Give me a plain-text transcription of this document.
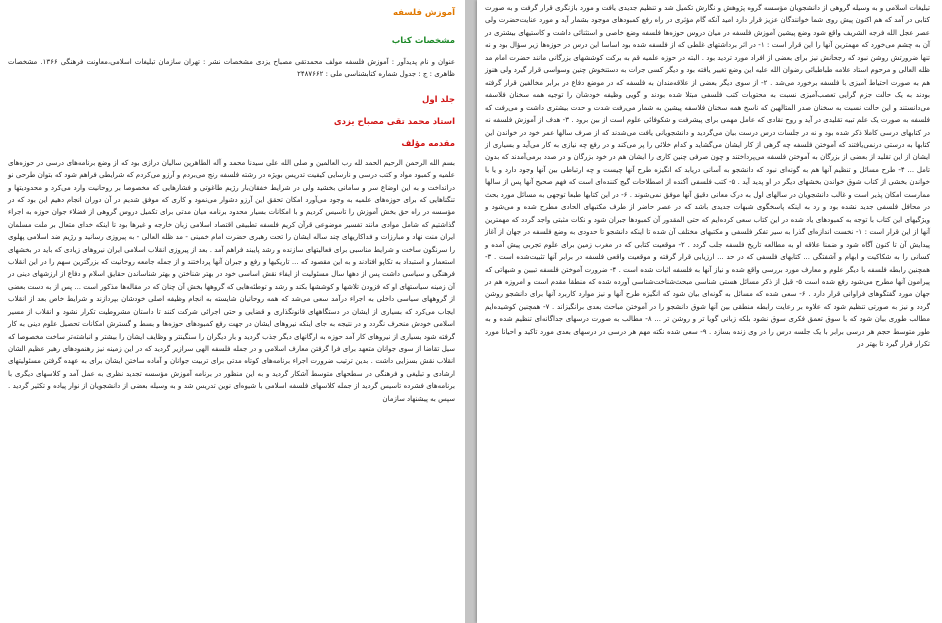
آموزش فلسفه
مشخصات کتاب

عنوان و نام پدیدآور : آموزش فلسفه مولف محمدتقی مصباح یزدی مشخصات نشر : تهران سازمان تبلیغات اسلامی،معاونت فرهنگی ۱۳۶۶. مشخصات ظاهری : ج : جدول شماره کتابشناسی ملی : ۲۴۸۷۶۶۲

جلد اول
استاد محمد تقی مصباح یزدی
مقدمه مؤلف

بسم الله الرحمن الرحیم الحمد لله رب العالمین و صلی الله علی سیدنا محمد و آله الطاهرین سالیان درازی بود که از وضع برنامه‌های درسی در حوزه‌های علمیه و کمبود مواد و کتب درسی و نارسایی کیفیت تدریس بویژه در رشته فلسفه رنج می‌بردم و آرزو می‌کردم که شرایطی فراهم شود که بتوان طرحی نو درانداخت و به این اوضاع سر و سامانی بخشید ولی در شرایط خفقان‌بار رژیم طاغوتی و فشارهایی که مخصوصا بر روحانیت وارد می‌کرد و محدودیتها و تنگناهایی که برای حوزه‌های علمیه به وجود می‌آورد امکان تحقق این آرزو دشوار می‌نمود و کاری که موفق شدیم در آن دوران انجام دهیم این بود که در مؤسسه در راه حق بخش آموزش را تاسیس کردیم و با امکانات بسیار محدود برنامه میان مدتی برای تکمیل دروس گروهی از فضلاء جوان حوزه به اجراء گذاشتیم که شامل موادی مانند تفسیر موضوعی قرآن کریم فلسفه تطبیقی اقتصاد اسلامی زبان خارجه و غیرها بود تا اینکه خدای متعال بر ملت مسلمان ایران منت نهاد و مبارزات و فداکاریهای چند ساله ایشان را تحت رهبری حضرت امام خمینی - مد ظله العالی - به پیروزی رسانید و رژیم ضد اسلامی پهلوی را سرنگون ساخت و شرایط مناسبی برای فعالیتهای سازنده و رشد پایبند فراهم آمد . بعد از پیروزی انقلاب اسلامی ایران نیروهای زیادی که باید در بخشهای استعمار و استبداد به تکاپو افتادند و به این مقصود که ... تاریکیها و رفع و جبران آنها پرداختند و از جمله جامعه روحانیت که بزرگترین سهم را در این انقلاب فرهنگی و سیاسی داشت پس از دهها سال مسئولیت از ایفاء نقش اساسی خود در بهتر شناختن و بهتر شناساندن حقایق اسلام و دفاع از ارزشهای دینی در آن زمینه سیاستهای او که فزودن تلاشها و کوششها بکند و رشد و توطئه‌هایی که گروهها بخش آن چنان که در مقاله‌ها مذکور است ... پس از به دست بعضی از گروههای سیاسی داخلی به اجراء درآمد سعی می‌شد که همه روحانیان شایسته به انجام وظیفه اصلی خودشان بپردازند و شرایط خاص بعد از انقلاب ایجاب می‌کرد که بسیاری از ایشان در دستگاههای قانونگذاری و قضایی و حتی اجرائی شرکت کنند تا داستان مشروطیت تکرار نشود و انقلاب از مسیر اسلامی خودش منحرف نگردد و در نتیجه به جای اینکه نیروهای ایشان در جهت رفع کمبودهای حوزه‌ها و بسط و گسترش امکانات تحصیل علوم دینی به کار گرفته شود بسیاری از نیروهای کار آمد حوزه به ارگانهای دیگر جذب گردید و بار دیگران را سنگینتر و وظایف ایشان را بیشتر و انباشته‌تر ساخت مخصوصا که سیل تقاضا از سوی جوانان متعهد برای فرا گرفتن معارف اسلامی و در جمله فلسفه الهی سرازیر گردید که در این زمینه نیز رهنمودهای رهبر عظیم الشان انقلاب نقش بسزایی داشت . بدین ترتیب ضرورت اجراء برنامه‌های کوتاه مدتی برای تربیت جوانان و آماده ساختن ایشان برای به عهده گرفتن مسئولیتهای ارشادی و تبلیغی و فرهنگی در سطحهای متوسط آشکار گردید و به این منظور در برنامه آموزش مؤسسه تجدید نظری به عمل آمد و کلاسهای دیگری با برنامه‌های فشرده تاسیس گردید از جمله کلاسهای فلسفه اسلامی با شیوه‌ای نوین تدریس شد و به وسیله بعضی از دانشجویان از نوار پیاده و تکثیر گردید . سپس به پیشنهاد سازمان

تبلیغات اسلامی و به وسیله گروهی از دانشجویان مؤسسه گروه پژوهش و نگارش تکمیل شد و تنظیم جدیدی یافت و مورد بازنگری قرار گرفت و به صورت کتابی در آمد که هم اکنون پیش روی شما خوانندگان عزیز قرار دارد امید آنکه گام مؤثری در راه رفع کمبودهای موجود بشمار آید و مورد عنایت‌حضرت ولی عصر عجل الله فرجه الشریف واقع شود وضع پیشین آموزش فلسفه در میان دروس حوزه‌ها فلسفه وضع خاصی و استثنائی داشت و کاستیهای بیشتری در آن به چشم می‌خورد که مهمترین آنها را این قرار است : ۱- در اثر برداشتهای غلطی که از فلسفه شده بود اساسا این درس در حوزه‌ها زیر سؤال بود و نه تنها ضرورتش روشن نبود که رجحانش نیز برای بعضی از افراد مورد تردید بود . البته در حوزه علمیه قم به برکت کوششهای بزرگانی مانند حضرت امام مد ظله العالی و مرحوم استاد علامه طباطبائی رضوان الله علیه این وضع تغییر یافته بود و دیگر کسی جرات به دستنخوش چنین وسواسی قرار گیرد ولی هنوز هم به صورت احتیاط آمیزی با فلسفه برخورد می‌شد . ۲- از سوی دیگر بعضی از علاقه‌مندان به فلسفه که در موضع دفاع در برابر مخالفین قرار گرفته بودند به یک حالت جزم گرایی تعصب‌آمیزی نسبت به محتویات کتب فلسفی مبتلا شده بودند و گویی وظیفه خودشان را توجیه همه سخنان فلاسفه می‌دانستند و این حالت نسبت به سخنان صدر المتالهین که ناسخ همه سخنان فلاسفه پیشین به شمار می‌رفت شدت و حدت بیشتری داشت و می‌رفت که فلسفه به صورت یک علم تبیه تقلیدی در آید و روح نقادی که عامل مهمی برای پیشرفت و شکوفائی علوم است از بین برود . ۳- هدف از آموزش فلسفه نه در کتابهای درسی کاملا ذکر شده بود و نه در جلسات درس درست بیان می‌گردید و دانشجویانی یافت می‌شدند که از صرف سالها عمر خود در خواندن این کتابها به درستی درنمی‌یافتند که آموختن فلسفه چه گرهی از کار ایشان می‌گشاید و کدام خلائی را پر می‌کند و در رفع چه نیازی به کار می‌آید و بسیاری از ایشان از این تقلید از بعضی از بزرگان به آموختن فلسفه می‌پرداختند و چون صرفی چنین کاری را ایشان هم در خود بزرگان و در صدد برمی‌آمدند که بدون تامل ... ۴- طرح مسائل و تنظیم آنها هم به گونه‌ای نبود که دانشجو به آسانی دریابد که انگیزه طرح آنها چیست و چه ارتباطی بین آنها وجود دارد و یا با خواندن بخشی از کتاب شوق خواندن بخشهای دیگر در او پدید آید . ۵- کتب فلسفی آکنده از اصطلاحات گیج کننده‌ای است که فهم صحیح آنها پس از سالها ممارست امکان پذیر است و غالب دانشجویان در سالهای اول به درک معانی دقیق آنها موفق نمی‌شوند . ۶- در این کتابها طبعا توجهی به مسائل مورد بحث در محافل فلسفی جدید نشده بود و رد به اینکه پاسخگوی شبهات جدیدی باشد که در عصر حاضر از طرف مکتبهای الحادی مطرح شده و می‌شود و ویژگیهای این کتاب با توجه به کمبودهای یاد شده در این کتاب سعی کرده‌ایم که حتی المقدور آن کمبودها جبران شود و نکات مثبتی واجد گردد که مهمترین آنها از این قرار است : ۱- نخست اندازه‌ای گذرا به سیر تفکر فلسفی و مکتبهای مختلف آن شده تا اینکه دانشجو تا حدودی به وضع فلسفه در جهان از آغاز پیدایش آن تا کنون آگاه شود و ضمنا علاقه او به مطالعه تاریخ فلسفه جلب گردد . ۲- موقعیت کتابی که در مغرب زمین برای علوم تجربی پیش آمده و کسانی را به شکاکیت و ابهام و آشفتگی ... کتابهای فلسفی که در حد ... ارزیابی قرار گرفته و موقعیت واقعی فلسفه در برابر آنها تثبیت‌شده است . ۳- همچنین رابطه فلسفه با دیگر علوم و معارف مورد بررسی واقع شده و نیاز آنها به فلسفه اثبات شده است . ۴- ضرورت آموختن فلسفه تبیین و شبهاتی که پیرامون آنها مطرح می‌شود رفع شده است ۵- قبل از ذکر مسائل هستی شناسی مبحث‌شناخت‌شناسی آورده شده که منطقا مقدم است و امروزه هم در جهان مورد گفتگوهای فراوانی قرار دارد . ۶- سعی شده که مسائل به گونه‌ای بیان شود که انگیزه طرح آنها و نیز موارد کاربرد آنها برای دانشجو روشن گردد و نیز به صورتی تنظیم شود که علاوه بر رعایت رابطه منطقی بین آنها شوق دانشجو را در آموختن مباحث بعدی برانگیزاند . ۷- همچنین کوشیده‌ایم مطالب طوری بیان شود که با سوق تعمق فکری سوق نشود بلکه زبانی گویا تر و روشن تر ... ۸- مطالب به صورت درسهای جداگانه‌ای تنظیم شده و به طور متوسط حجم هر درسی برابر با یک جلسه درس را در وی زنده بسازد . ۹- سعی شده نکته مهم هر درسی در درسهای بعدی مورد تاکید و احیانا مورد تکرار قرار گیرد تا بهتر در
